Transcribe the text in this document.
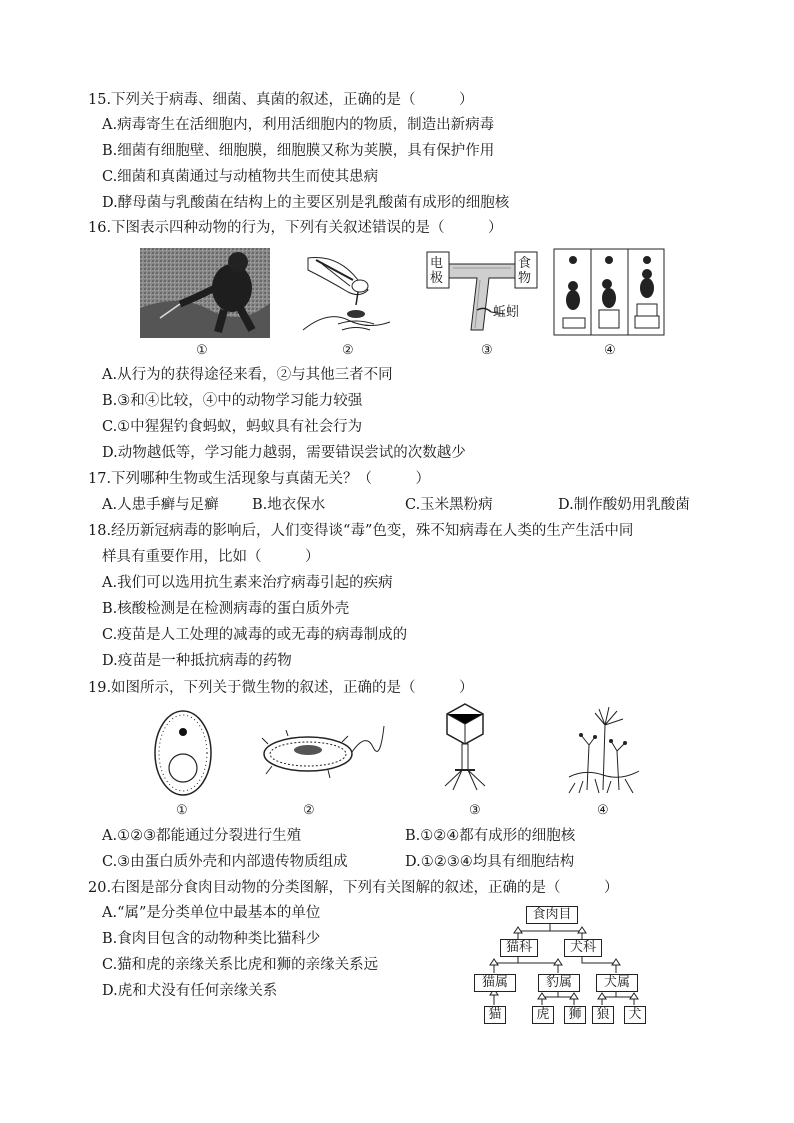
15.下列关于病毒、细菌、真菌的叙述，正确的是（　　　）
A.病毒寄生在活细胞内，利用活细胞内的物质，制造出新病毒
B.细菌有细胞壁、细胞膜，细胞膜又称为荚膜，具有保护作用
C.细菌和真菌通过与动植物共生而使其患病
D.酵母菌与乳酸菌在结构上的主要区别是乳酸菌有成形的细胞核
16.下图表示四种动物的行为，下列有关叙述错误的是（　　　）
电极
食物
蚯蚓
①	②	③	④
A.从行为的获得途径来看，②与其他三者不同
B.③和④比较，④中的动物学习能力较强
C.①中猩猩钓食蚂蚁，蚂蚁具有社会行为
D.动物越低等，学习能力越弱，需要错误尝试的次数越少
17.下列哪种生物或生活现象与真菌无关？（　　　）
A.人患手癣与足癣 B.地衣保水	C.玉米黑粉病	D.制作酸奶用乳酸菌
18.经历新冠病毒的影响后，人们变得谈“毒”色变，殊不知病毒在人类的生产生活中同
样具有重要作用，比如（　　　）
A.我们可以选用抗生素来治疗病毒引起的疾病
B.核酸检测是在检测病毒的蛋白质外壳
C.疫苗是人工处理的减毒的或无毒的病毒制成的
D.疫苗是一种抵抗病毒的药物
19.如图所示，下列关于微生物的叙述，正确的是（　　　）
①	②	③	④
A.①②③都能通过分裂进行生殖	B.①②④都有成形的细胞核
C.③由蛋白质外壳和内部遗传物质组成	D.①②③④均具有细胞结构
20.右图是部分食肉目动物的分类图解，下列有关图解的叙述，正确的是（　　　）
A.“属”是分类单位中最基本的单位
B.食肉目包含的动物种类比猫科少
C.猫和虎的亲缘关系比虎和狮的亲缘关系远
D.虎和犬没有任何亲缘关系
食肉目
猫科	犬科
猫属	豹属	犬属
猫	虎	狮	狼	犬
